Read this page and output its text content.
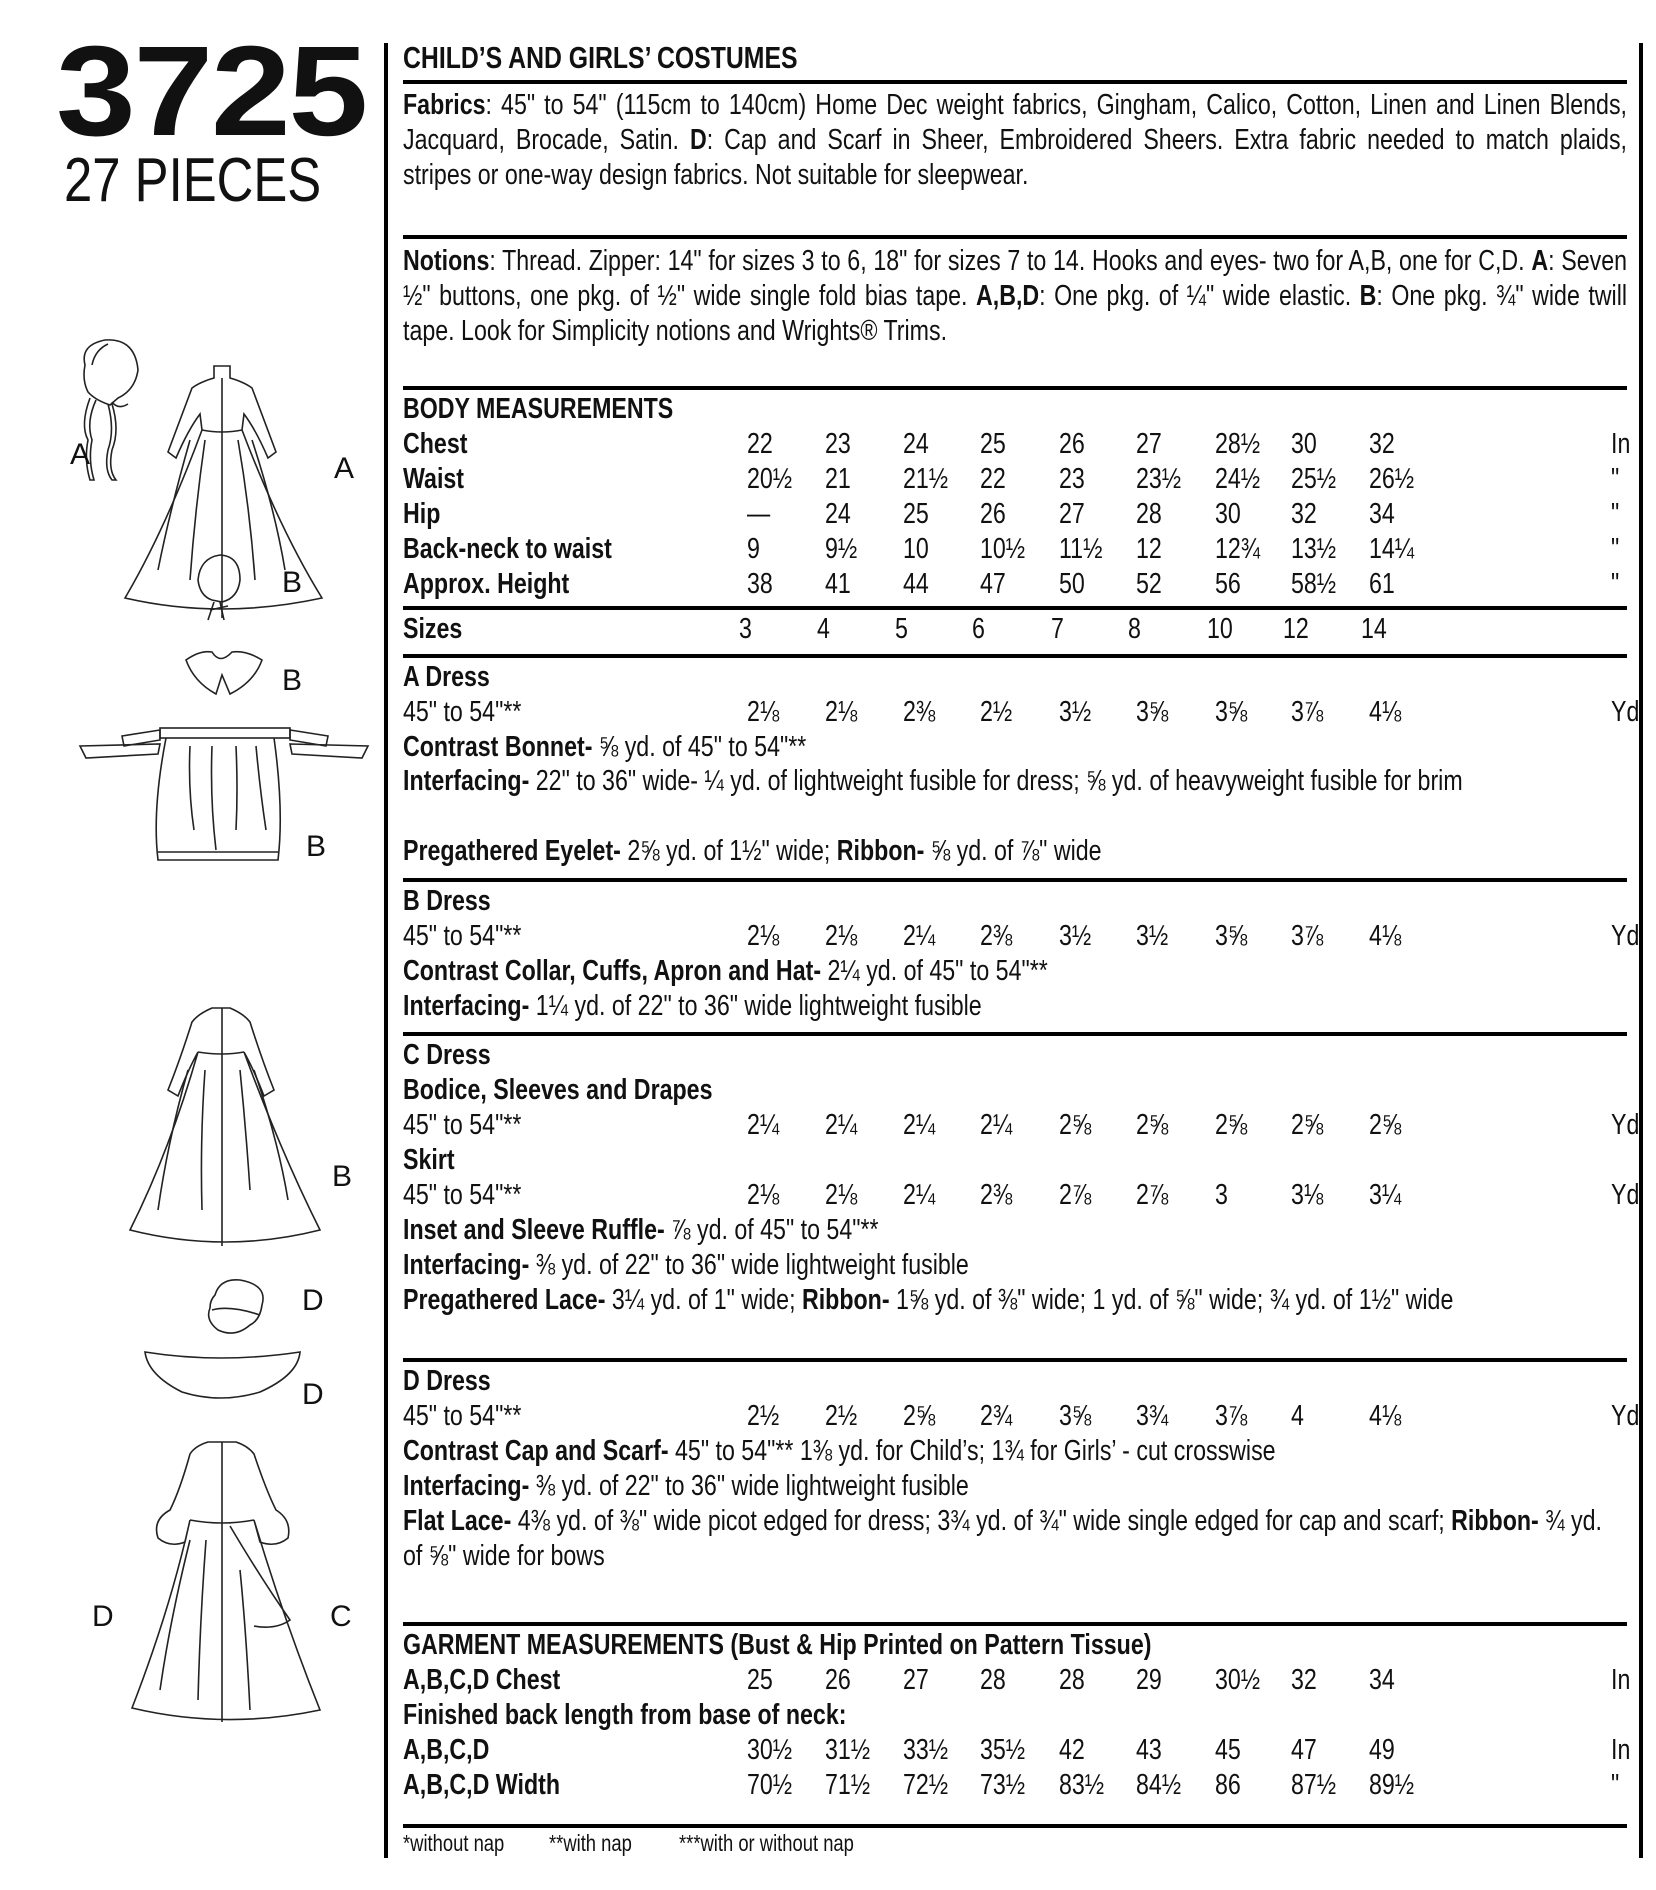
3725
27 PIECES
A	A
B
B
B
B
D
D
D	C
CHILD’S AND GIRLS’ COSTUMES
Fabrics: 45" to 54" (115cm to 140cm) Home Dec weight fabrics, Gingham, Calico, Cotton, Linen and Linen Blends, Jacquard, Brocade, Satin. D: Cap and Scarf in Sheer, Embroidered Sheers. Extra fabric needed to match plaids, stripes or one-way design fabrics. Not suitable for sleepwear.
Notions: Thread. Zipper: 14" for sizes 3 to 6, 18" for sizes 7 to 14. Hooks and eyes- two for A,B, one for C,D. A: Seven ½" buttons, one pkg. of ½" wide single fold bias tape. A,B,D: One pkg. of ¼" wide elastic. B: One pkg. ¾" wide twill tape. Look for Simplicity notions and Wrights® Trims.
BODY MEASUREMENTS
Chest	22 23 24 25 26 27 28½	30 32	In
Waist	20½	21 21½	22 23 23½	24½	25½	26½	"
Hip	— 24 25 26 27 28 30 32 34	"
Back-neck to waist	9 9½ 10 10½	11½	12 12¾	13½	14¼	"
Approx. Height	38 41 44 47 50 52 56 58½	61	"
Sizes	3 4 5 6 7 8 10 12 14
A Dress
45" to 54"**	2⅛ 2⅛ 2⅜ 2½ 3½ 3⅝ 3⅝ 3⅞ 4⅛	Yd
Contrast Bonnet- ⅝ yd. of 45" to 54"**
Interfacing- 22" to 36" wide- ¼ yd. of lightweight fusible for dress; ⅝ yd. of heavyweight fusible for brim
Pregathered Eyelet- 2⅝ yd. of 1½" wide; Ribbon- ⅝ yd. of ⅞" wide
B Dress
45" to 54"**	2⅛ 2⅛ 2¼ 2⅜ 3½ 3½ 3⅝ 3⅞ 4⅛	Yd
Contrast Collar, Cuffs, Apron and Hat- 2¼ yd. of 45" to 54"**
Interfacing- 1¼ yd. of 22" to 36" wide lightweight fusible
C Dress
Bodice, Sleeves and Drapes
45" to 54"**	2¼ 2¼ 2¼ 2¼ 2⅝ 2⅝ 2⅝ 2⅝ 2⅝	Yd
Skirt
45" to 54"**	2⅛ 2⅛ 2¼ 2⅜ 2⅞ 2⅞ 3 3⅛ 3¼	Yd
Inset and Sleeve Ruffle- ⅞ yd. of 45" to 54"**
Interfacing- ⅜ yd. of 22" to 36" wide lightweight fusible
Pregathered Lace- 3¼ yd. of 1" wide; Ribbon- 1⅝ yd. of ⅜" wide; 1 yd. of ⅝" wide; ¾ yd. of 1½" wide
D Dress
45" to 54"**	2½ 2½ 2⅝ 2¾ 3⅝ 3¾ 3⅞ 4 4⅛	Yd
Contrast Cap and Scarf- 45" to 54"** 1⅜ yd. for Child’s; 1¾ for Girls’ - cut crosswise
Interfacing- ⅜ yd. of 22" to 36" wide lightweight fusible
Flat Lace- 4⅜ yd. of ⅜" wide picot edged for dress; 3¾ yd. of ¾" wide single edged for cap and scarf; Ribbon- ¾ yd. of ⅝" wide for bows
GARMENT MEASUREMENTS (Bust & Hip Printed on Pattern Tissue)
A,B,C,D Chest	25 26 27 28 28 29 30½	32 34	In
Finished back length from base of neck:
A,B,C,D	30½	31½	33½	35½	42 43 45 47 49	In
A,B,C,D Width	70½	71½	72½	73½	83½	84½	86 87½	89½	"
*without nap	**with nap	***with or without nap
